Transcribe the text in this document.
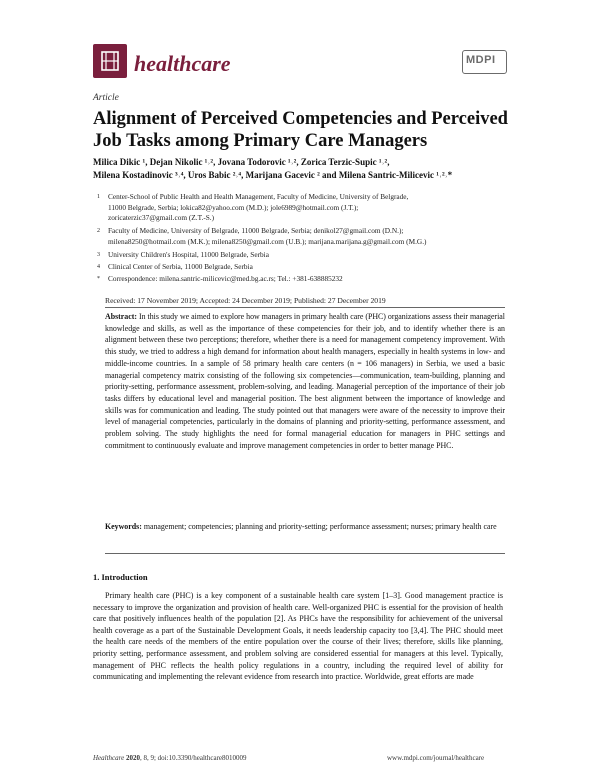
healthcare	MDPI
Article
Alignment of Perceived Competencies and Perceived Job Tasks among Primary Care Managers
Milica Dikic ¹, Dejan Nikolic ¹˒², Jovana Todorovic ¹˒², Zorica Terzic-Supic ¹˒²,
Milena Kostadinovic ³˒⁴, Uros Babic ²˒⁴, Marijana Gacevic ² and Milena Santric-Milicevic ¹˒²˒*
1 Center-School of Public Health and Health Management, Faculty of Medicine, University of Belgrade,
11000 Belgrade, Serbia; lokica82@yahoo.com (M.D.); jole6989@hotmail.com (J.T.);
zoricaterzic37@gmail.com (Z.T.-S.)
2 Faculty of Medicine, University of Belgrade, 11000 Belgrade, Serbia; denikol27@gmail.com (D.N.);
milena8250@hotmail.com (M.K.); milena8250@gmail.com (U.B.); marijana.marijana.g@gmail.com (M.G.)
3 University Children's Hospital, 11000 Belgrade, Serbia
4 Clinical Center of Serbia, 11000 Belgrade, Serbia
* Correspondence: milena.santric-milicevic@med.bg.ac.rs; Tel.: +381-638885232
Received: 17 November 2019; Accepted: 24 December 2019; Published: 27 December 2019
Abstract: In this study we aimed to explore how managers in primary health care (PHC) organizations assess their managerial knowledge and skills, as well as the importance of these competencies for their job, and to identify whether there is an alignment between these two perceptions; therefore, whether there is a need for management competency improvement. With this study, we tried to address a high demand for information about health managers, especially in health systems in low- and middle-income countries. In a sample of 58 primary health care centers (n = 106 managers) in Serbia, we used a basic managerial competency matrix consisting of the following six competencies—communication, team-building, planning and priority-setting, performance assessment, problem-solving, and leading. Managerial perception of the importance of their job tasks differs by educational level and managerial position. The best alignment between the importance of knowledge and skills was for communication and leading. The study pointed out that managers were aware of the necessity to improve their level of managerial competencies, particularly in the domains of planning and priority-setting, performance assessment, and problem solving. The study highlights the need for formal managerial education for managers in PHC settings and commitment to continuously evaluate and improve management competencies in order to better manage PHC.
Keywords: management; competencies; planning and priority-setting; performance assessment; nurses; primary health care
1. Introduction
Primary health care (PHC) is a key component of a sustainable health care system [1–3]. Good management practice is necessary to improve the organization and provision of health care. Well-organized PHC is essential for the provision of health care that positively influences health of the population [2]. As PHCs have the responsibility for achievement of the universal health coverage as a part of the Sustainable Development Goals, it needs leadership capacity too [3,4]. The PHC should meet the health care needs of the members of the entire population over the course of their lives; therefore, skills like planning, priority setting, performance assessment, and problem solving are considered essential for managers at this level. Typically, management of PHC reflects the health policy regulations in a country, including the required level of ability for communicating and implementing the relevant evidence from research into practice. Worldwide, great efforts are made
Healthcare 2020, 8, 9; doi:10.3390/healthcare8010009	www.mdpi.com/journal/healthcare
